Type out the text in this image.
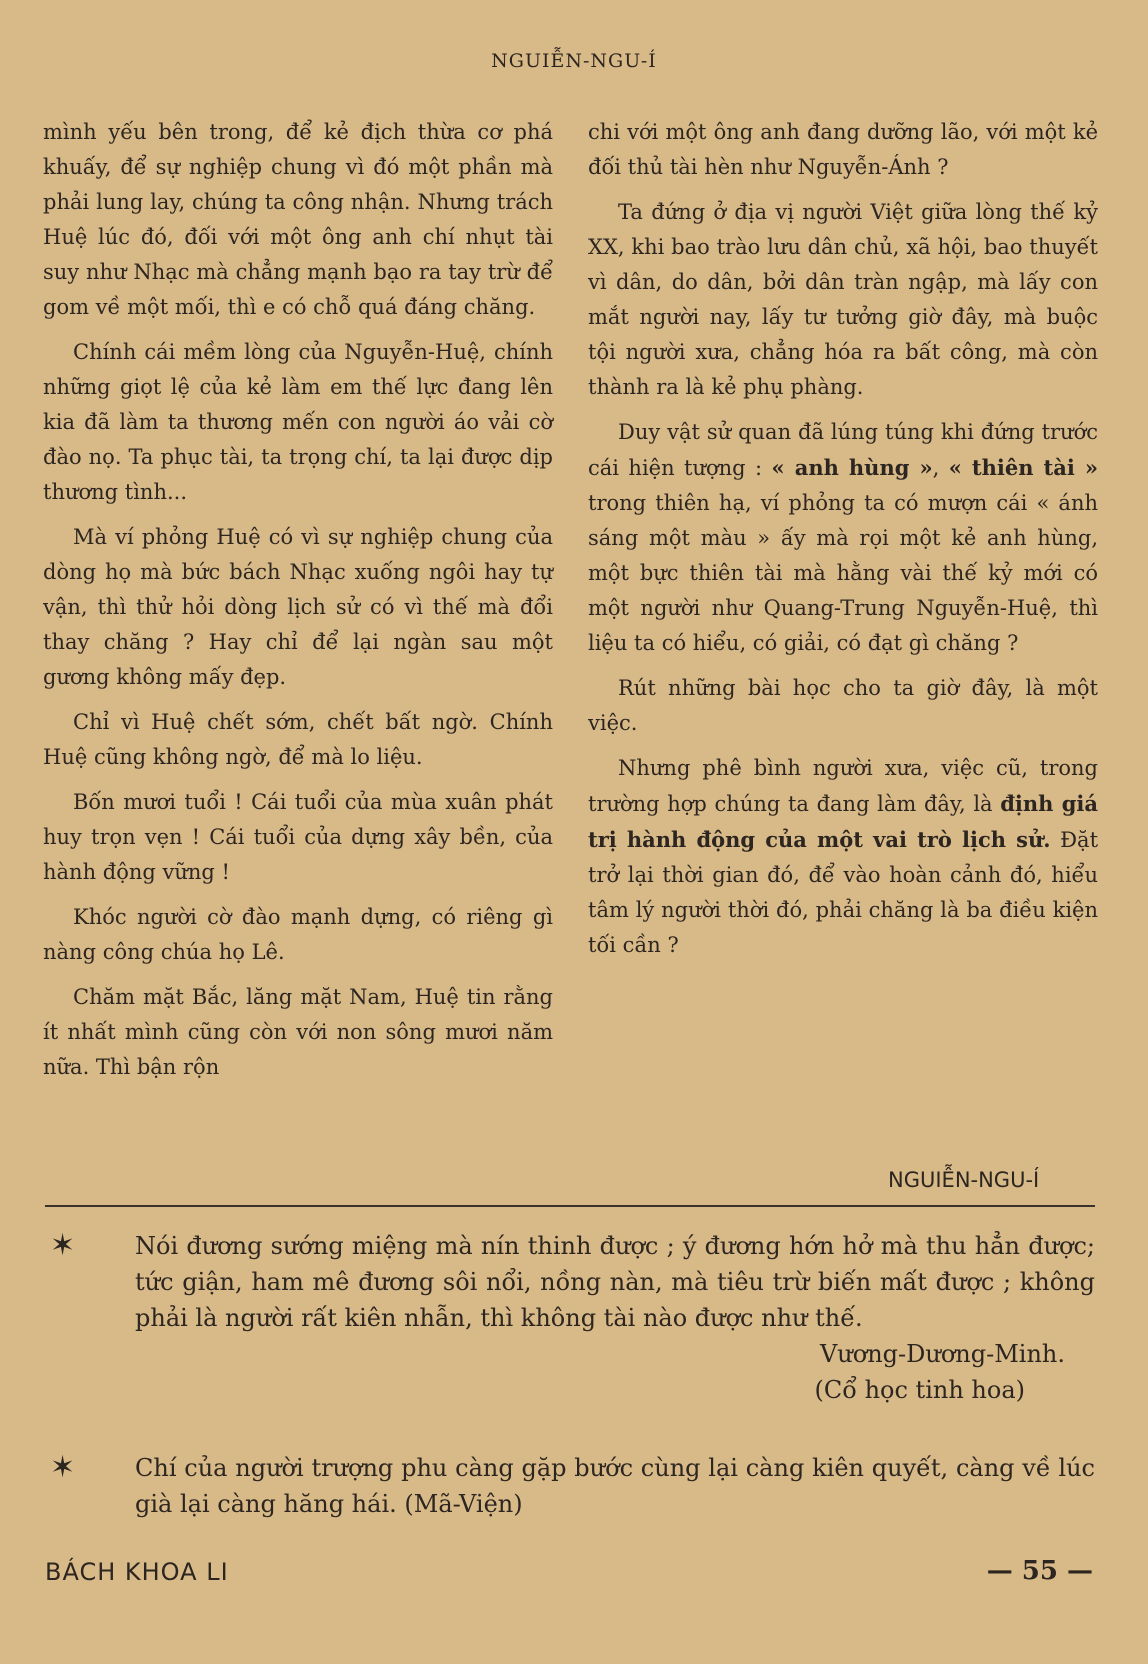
NGUIỄN-NGU-Í

mình yếu bên trong, để kẻ địch thừa cơ phá khuấy, để sự nghiệp chung vì đó một phần mà phải lung lay, chúng ta công nhận. Nhưng trách Huệ lúc đó, đối với một ông anh chí nhụt tài suy như Nhạc mà chẳng mạnh bạo ra tay trừ để gom về một mối, thì e có chỗ quá đáng chăng.

Chính cái mềm lòng của Nguyễn-Huệ, chính những giọt lệ của kẻ làm em thế lực đang lên kia đã làm ta thương mến con người áo vải cờ đào nọ. Ta phục tài, ta trọng chí, ta lại được dịp thương tình...

Mà ví phỏng Huệ có vì sự nghiệp chung của dòng họ mà bức bách Nhạc xuống ngôi hay tự vận, thì thử hỏi dòng lịch sử có vì thế mà đổi thay chăng ? Hay chỉ để lại ngàn sau một gương không mấy đẹp.

Chỉ vì Huệ chết sớm, chết bất ngờ. Chính Huệ cũng không ngờ, để mà lo liệu.

Bốn mươi tuổi ! Cái tuổi của mùa xuân phát huy trọn vẹn ! Cái tuổi của dựng xây bền, của hành động vững !

Khóc người cờ đào mạnh dựng, có riêng gì nàng công chúa họ Lê.

Chăm mặt Bắc, lăng mặt Nam, Huệ tin rằng ít nhất mình cũng còn với non sông mươi năm nữa. Thì bận rộn

chi với một ông anh đang dưỡng lão, với một kẻ đối thủ tài hèn như Nguyễn-Ánh ?

Ta đứng ở địa vị người Việt giữa lòng thế kỷ XX, khi bao trào lưu dân chủ, xã hội, bao thuyết vì dân, do dân, bởi dân tràn ngập, mà lấy con mắt người nay, lấy tư tưởng giờ đây, mà buộc tội người xưa, chẳng hóa ra bất công, mà còn thành ra là kẻ phụ phàng.

Duy vật sử quan đã lúng túng khi đứng trước cái hiện tượng : « anh hùng », « thiên tài » trong thiên hạ, ví phỏng ta có mượn cái « ánh sáng một màu » ấy mà rọi một kẻ anh hùng, một bực thiên tài mà hằng vài thế kỷ mới có một người như Quang-Trung Nguyễn-Huệ, thì liệu ta có hiểu, có giải, có đạt gì chăng ?

Rút những bài học cho ta giờ đây, là một việc.

Nhưng phê bình người xưa, việc cũ, trong trường hợp chúng ta đang làm đây, là định giá trị hành động của một vai trò lịch sử. Đặt trở lại thời gian đó, để vào hoàn cảnh đó, hiểu tâm lý người thời đó, phải chăng là ba điều kiện tối cần ?

NGUIỄN-NGU-Í
✶ Nói đương sướng miệng mà nín thinh được ; ý đương hớn hở mà thu hẳn được; tức giận, ham mê đương sôi nổi, nồng nàn, mà tiêu trừ biến mất được ; không phải là người rất kiên nhẫn, thì không tài nào được như thế.
Vương-Dương-Minh.
(Cổ học tinh hoa)
✶ Chí của người trượng phu càng gặp bước cùng lại càng kiên quyết, càng về lúc già lại càng hăng hái. (Mã-Viện)
BÁCH KHOA LI	— 55 —
